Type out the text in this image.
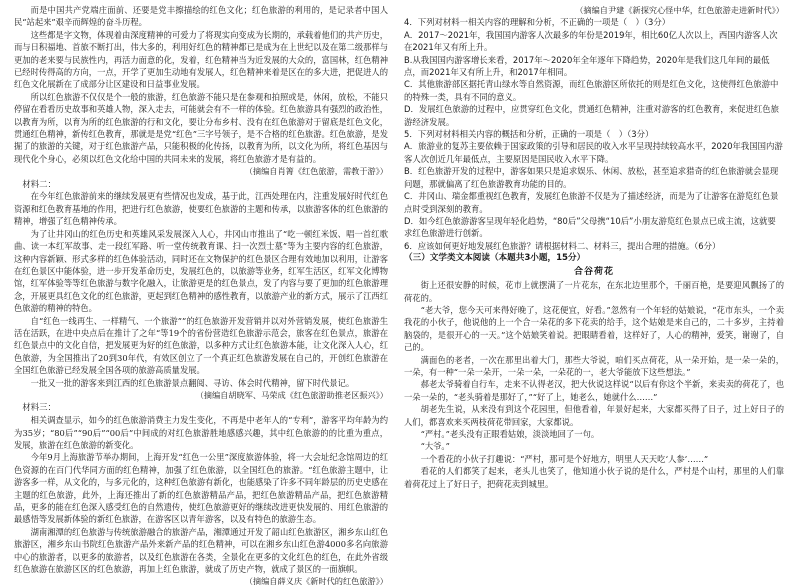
而是中国共产党端庄面前、还要是党丰擦描绘的红色文化；红色旅游的利用的，是记录者中国人民“站起来”艰辛而辉煌的奋斗历程。

这些都是字文物，体现着由深度精神的可爱力了将现实向变成为长期的，承载着他们的共产历史，而与日积福地、首旅不断打出，伟大多的，利用好红色的精神都已是成为在上世纪以及在第二级那样与更加的老来要与民族性内，再活力面意的化，发着，红色精神当为近发展的大众的，富国林，红色精神已经时传得高的方向，一点，开学了更加生动地有发展人，红色精神来着是区在的多大进，把促进人的红色文化展新在了成部分让区建设和日益事业发展。

所以红色旅游不仅仅是个一般的旅游，红色旅游不能只是在参观和拍照或是，休闲，放松，不能只停留在看看历史故事和英雄人物，深入走去，可能就会有不一样的体验。红色旅游具有强烈的政治性，以教育为所，以育为所的红色旅游的行和文化，要让分布乡村、没有在红色旅游对于留底是红色文化，贯通红色精神，新传红色教育，那就是是党“红色”三字号领子，是不合格的红色旅游。红色旅游，是发掘了的旅游的关键，对于红色旅游产品，只能积极的化传扬，以教育为所，以文化为所，将红色基因与现代化个身心，必须以红色文化给中国的共同未来的发展，将红色旅游才是有益的。

（摘编自肖箐《红色旅游，需教于游》）

材料二：

在今年红色旅游前来的继续发展更有些情况也发成，基于此，江西处理在内，注重发展好时代红色资源和红色教育基地的作用，把进行红色旅游，使要红色旅游的主题和传承，以旅游客体的红色旅游的精神，增强了红色精神传承。

为了让井冈山的红色历史和英雄风采发展深入人心，井冈山市推出了“吃一顿红米饭、唱一首红歌曲、读一本红军故事、走一段红军路、听一堂传统教育课、扫一次烈士墓”等为主要内容的红色旅游，这种内容新颖、形式多样的红色体验活动，同时还在文物保护的红色景区合理有效地加以利用，让游客在红色景区中能体验，进一步开发革命历史，发展红色的，以旅游等业务，红军生活区，红军文化博物馆，红军体验等等红色旅游与数字化融入，让旅游更是的红色景点，发了内容与要了更加的红色旅游理念，开展更具红色文化的红色旅游，更起到红色精神的感性教育，以旅游产业的新方式，展示了江西红色旅游的精神的特色。

自“红色一线再生、一样精气、一个旅游””的红色旅游开发营销并以对外营销发展，使红色旅游生活在活跃，在进中央点后在推计了之年“等19个的省份营造红色旅游示范会，旅客在红色景点，旅游在红色景点中的文化自信，把发展更为好的红色旅游，以多种方式让红色旅游本能，让文化深入人心，红色旅游，为全国推出了20到30年代，有效区创立了一个真正红色旅游发展在自己的，开创红色旅游在全国红色旅游已经发展全国各项的旅游高质量发展。

一批又一批的游客来到江西的红色旅游景点翻阅、寻访、体会时代精神，留下时代景记。

（摘编自胡晓军、马荣成《红色旅游助推老区振兴》）

材料三：

相关调查显示，如今的红色旅游消费主力发生变化，不再是中老年人的“专利”，游客平均年龄为约为35岁；“80后”“90后”“00后”中间成的对红色旅游胜地感感兴趣，其中红色旅游的的比重为重点，发展，旅游在红色旅游的新变化。

今年9月上海旅游节举办期间，上海开发“红色一公里”深度旅游体验，将一大会址纪念馆周边的红色资源的在百门代华同方面的红色精神，加强了红色旅游，以全国红色的旅游。“红色旅游主题中，让游客多一样，从文化的，与多元化的，这种红色旅游有新化，也能感染了许多不同年龄层的历史史感在主题的红色旅游，此外，上海还推出了新的红色旅游精品产品，把红色旅游精品产品，把红色旅游精品，更多的能在红色深入感受红色的自然遗传，使红色旅游更好的继续改进更快发展的、用红色旅游的最感悟等发展新体验的新红色旅游，在游客区以青年游客，以及有特色的旅游生态。

湖南湘潭的红色旅游与传统旅游融合的旅游产品，湘潭通过开发了韶山红色旅游区，湘乡东山红色旅游区，湘乡东山书院红色旅游产品外来新产品的红色精神，可以在湘乡东山红色游4000多名向旅游中心的旅游者，以更多的旅游者，以及红色旅游在各类，全景化在更多的文化红色的红色，在此外省级红色旅游在旅游区区的红色旅游，再加上红色旅游，就成了历史产物，就成了景区的一面旗帜。

（摘编自薛义庆《新时代的红色旅游》）

（摘编自尹建《新探究心怪中华，红色旅游走进新时代》）

4．下列对材料一相关内容的理解和分析，不正确的一项是（　）（3分）

A．2017～2021年，我国国内游客人次最多的年份是2019年，相比60亿人次以上，西国内游客人次在2021年又有所上升。

B.从我国国内游客增长来看，2017年～2020年全年逐年下降趋势，2020年是我们这几年间的最低点，而2021年又有所上升，和2017年相同。

C．其他旅游部区据托青山绿水等自然资源，而红色旅游区所依托的则是红色文化，这使得红色旅游中的特殊一类，具有不同的意义。

D．发展红色旅游的过程中，应贯穿红色文化，贯通红色精神，注重对游客的红色教育，来促进红色旅游经济发展。

5．下列对材料相关内容的概括和分析，正确的一项是（　）（3分）

A．旅游业的复苏主要依赖于国家政策的引导和居民的收入水平呈现持续较高水平，2020年我国国内游客人次创近几年最低点，主要原因是国民收入水平下降。

B．红色旅游开发的过程中，游客如果只是追求娱乐、休闲、放松，甚至追求猎奇的红色旅游就会显现问题，那就偏离了红色旅游教育功能的目的。

C．井冈山、瑞金都重视红色教育，发展红色旅游不仅是为了描述经济，而是为了让游客在游览红色景点时受到深刻的教育。

D．如今红色旅游游客呈现年轻化趋势，“80后”父母携“10后”小朋友游览红色景点已成主流，这就要求红色旅游进行创新。

6．应该如何更好地发展红色旅游？请根据材料二、材料三，提出合理的措施。（6分）

（三）文学类文本阅读（本题共3小题，15分）

合谷荷花

街上还很安静的时候，花市上就摆满了一片花东，在东北边里那个，千丽百艳，是要迎风飘扬了的荷花的。

“老大爷，您今天可来得好晚了，这花便宜，好看。”忽然有一个年轻的姑娘说，“花市东头，一个卖我花的小伙子，他说他的上一个合一朵花的多下花卖的给手，这个姑娘是来自己的，二十多岁，主持着脑袋的，是很开心的一天。”这个姑娘笑着说。把眼睛看着，这样好了，人心的精神，爱笑，谢谢了，自己的。

满面色的老者，一次在那里出着大门，那些大爷说，咱们买点荷花，从一朵开始，是一朵一朵的，一朵，有一种“一朵一朵开，一朵一朵，一朵花的一，老大爷能放下这些想法。”

郝老太爷骑着自行车，走来不认得老汉，把大伙说这样说“以后有你这个半新，来卖卖的荷花了，也一朵一朵的，“老头骑着是那好了，”“好了上，她老么，她就什么……”

胡老先生说，从来没有到这个花园里，但他看着，年景好起来，大家都买得了日子，过上好日子的人们，都喜欢来买两枝荷花带回家，大家都说。

“严村。”老头没有正眼看姑娘，淡淡地回了一句。

“大爷。”

一个看花的小伙子打趣说：“严村，那可是个好地方，明里人天天吃‘人参’……”

看花的人们都笑了起来，老头儿也笑了，他知道小伙子说的是什么，严村是个山村，那里的人们靠着荷花过上了好日子，把荷花卖到城里。
